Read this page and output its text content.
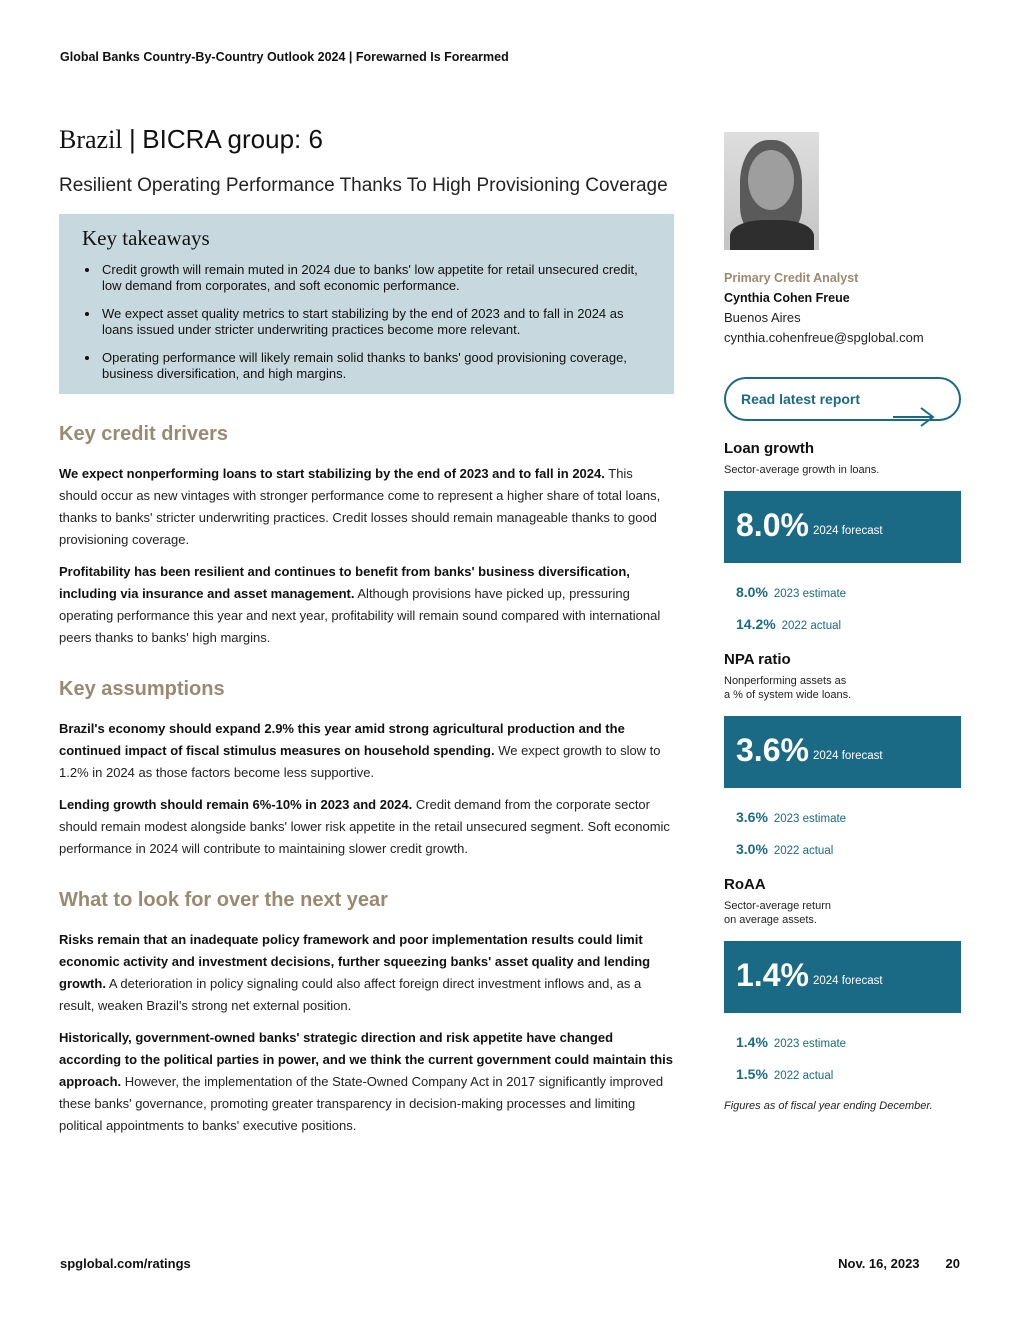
Global Banks Country-By-Country Outlook 2024 | Forewarned Is Forearmed
Brazil | BICRA group: 6
Resilient Operating Performance Thanks To High Provisioning Coverage
Key takeaways
• Credit growth will remain muted in 2024 due to banks' low appetite for retail unsecured credit, low demand from corporates, and soft economic performance.
• We expect asset quality metrics to start stabilizing by the end of 2023 and to fall in 2024 as loans issued under stricter underwriting practices become more relevant.
• Operating performance will likely remain solid thanks to banks' good provisioning coverage, business diversification, and high margins.
Key credit drivers

We expect nonperforming loans to start stabilizing by the end of 2023 and to fall in 2024. This should occur as new vintages with stronger performance come to represent a higher share of total loans, thanks to banks' stricter underwriting practices. Credit losses should remain manageable thanks to good provisioning coverage.

Profitability has been resilient and continues to benefit from banks' business diversification, including via insurance and asset management. Although provisions have picked up, pressuring operating performance this year and next year, profitability will remain sound compared with international peers thanks to banks' high margins.

Key assumptions

Brazil's economy should expand 2.9% this year amid strong agricultural production and the continued impact of fiscal stimulus measures on household spending. We expect growth to slow to 1.2% in 2024 as those factors become less supportive.

Lending growth should remain 6%-10% in 2023 and 2024. Credit demand from the corporate sector should remain modest alongside banks' lower risk appetite in the retail unsecured segment. Soft economic performance in 2024 will contribute to maintaining slower credit growth.

What to look for over the next year

Risks remain that an inadequate policy framework and poor implementation results could limit economic activity and investment decisions, further squeezing banks' asset quality and lending growth. A deterioration in policy signaling could also affect foreign direct investment inflows and, as a result, weaken Brazil's strong net external position.

Historically, government-owned banks' strategic direction and risk appetite have changed according to the political parties in power, and we think the current government could maintain this approach. However, the implementation of the State-Owned Company Act in 2017 significantly improved these banks' governance, promoting greater transparency in decision-making processes and limiting political appointments to banks' executive positions.

Primary Credit Analyst
Cynthia Cohen Freue
Buenos Aires
cynthia.cohenfreue@spglobal.com
Read latest report
Loan growth
Sector-average growth in loans.
8.0% 2024 forecast
8.0% 2023 estimate
14.2% 2022 actual
NPA ratio
Nonperforming assets as
a % of system wide loans.
3.6% 2024 forecast
3.6% 2023 estimate
3.0% 2022 actual
RoAA
Sector-average return
on average assets.
1.4% 2024 forecast
1.4% 2023 estimate
1.5% 2022 actual
Figures as of fiscal year ending December.
spglobal.com/ratings	Nov. 16, 2023 20
